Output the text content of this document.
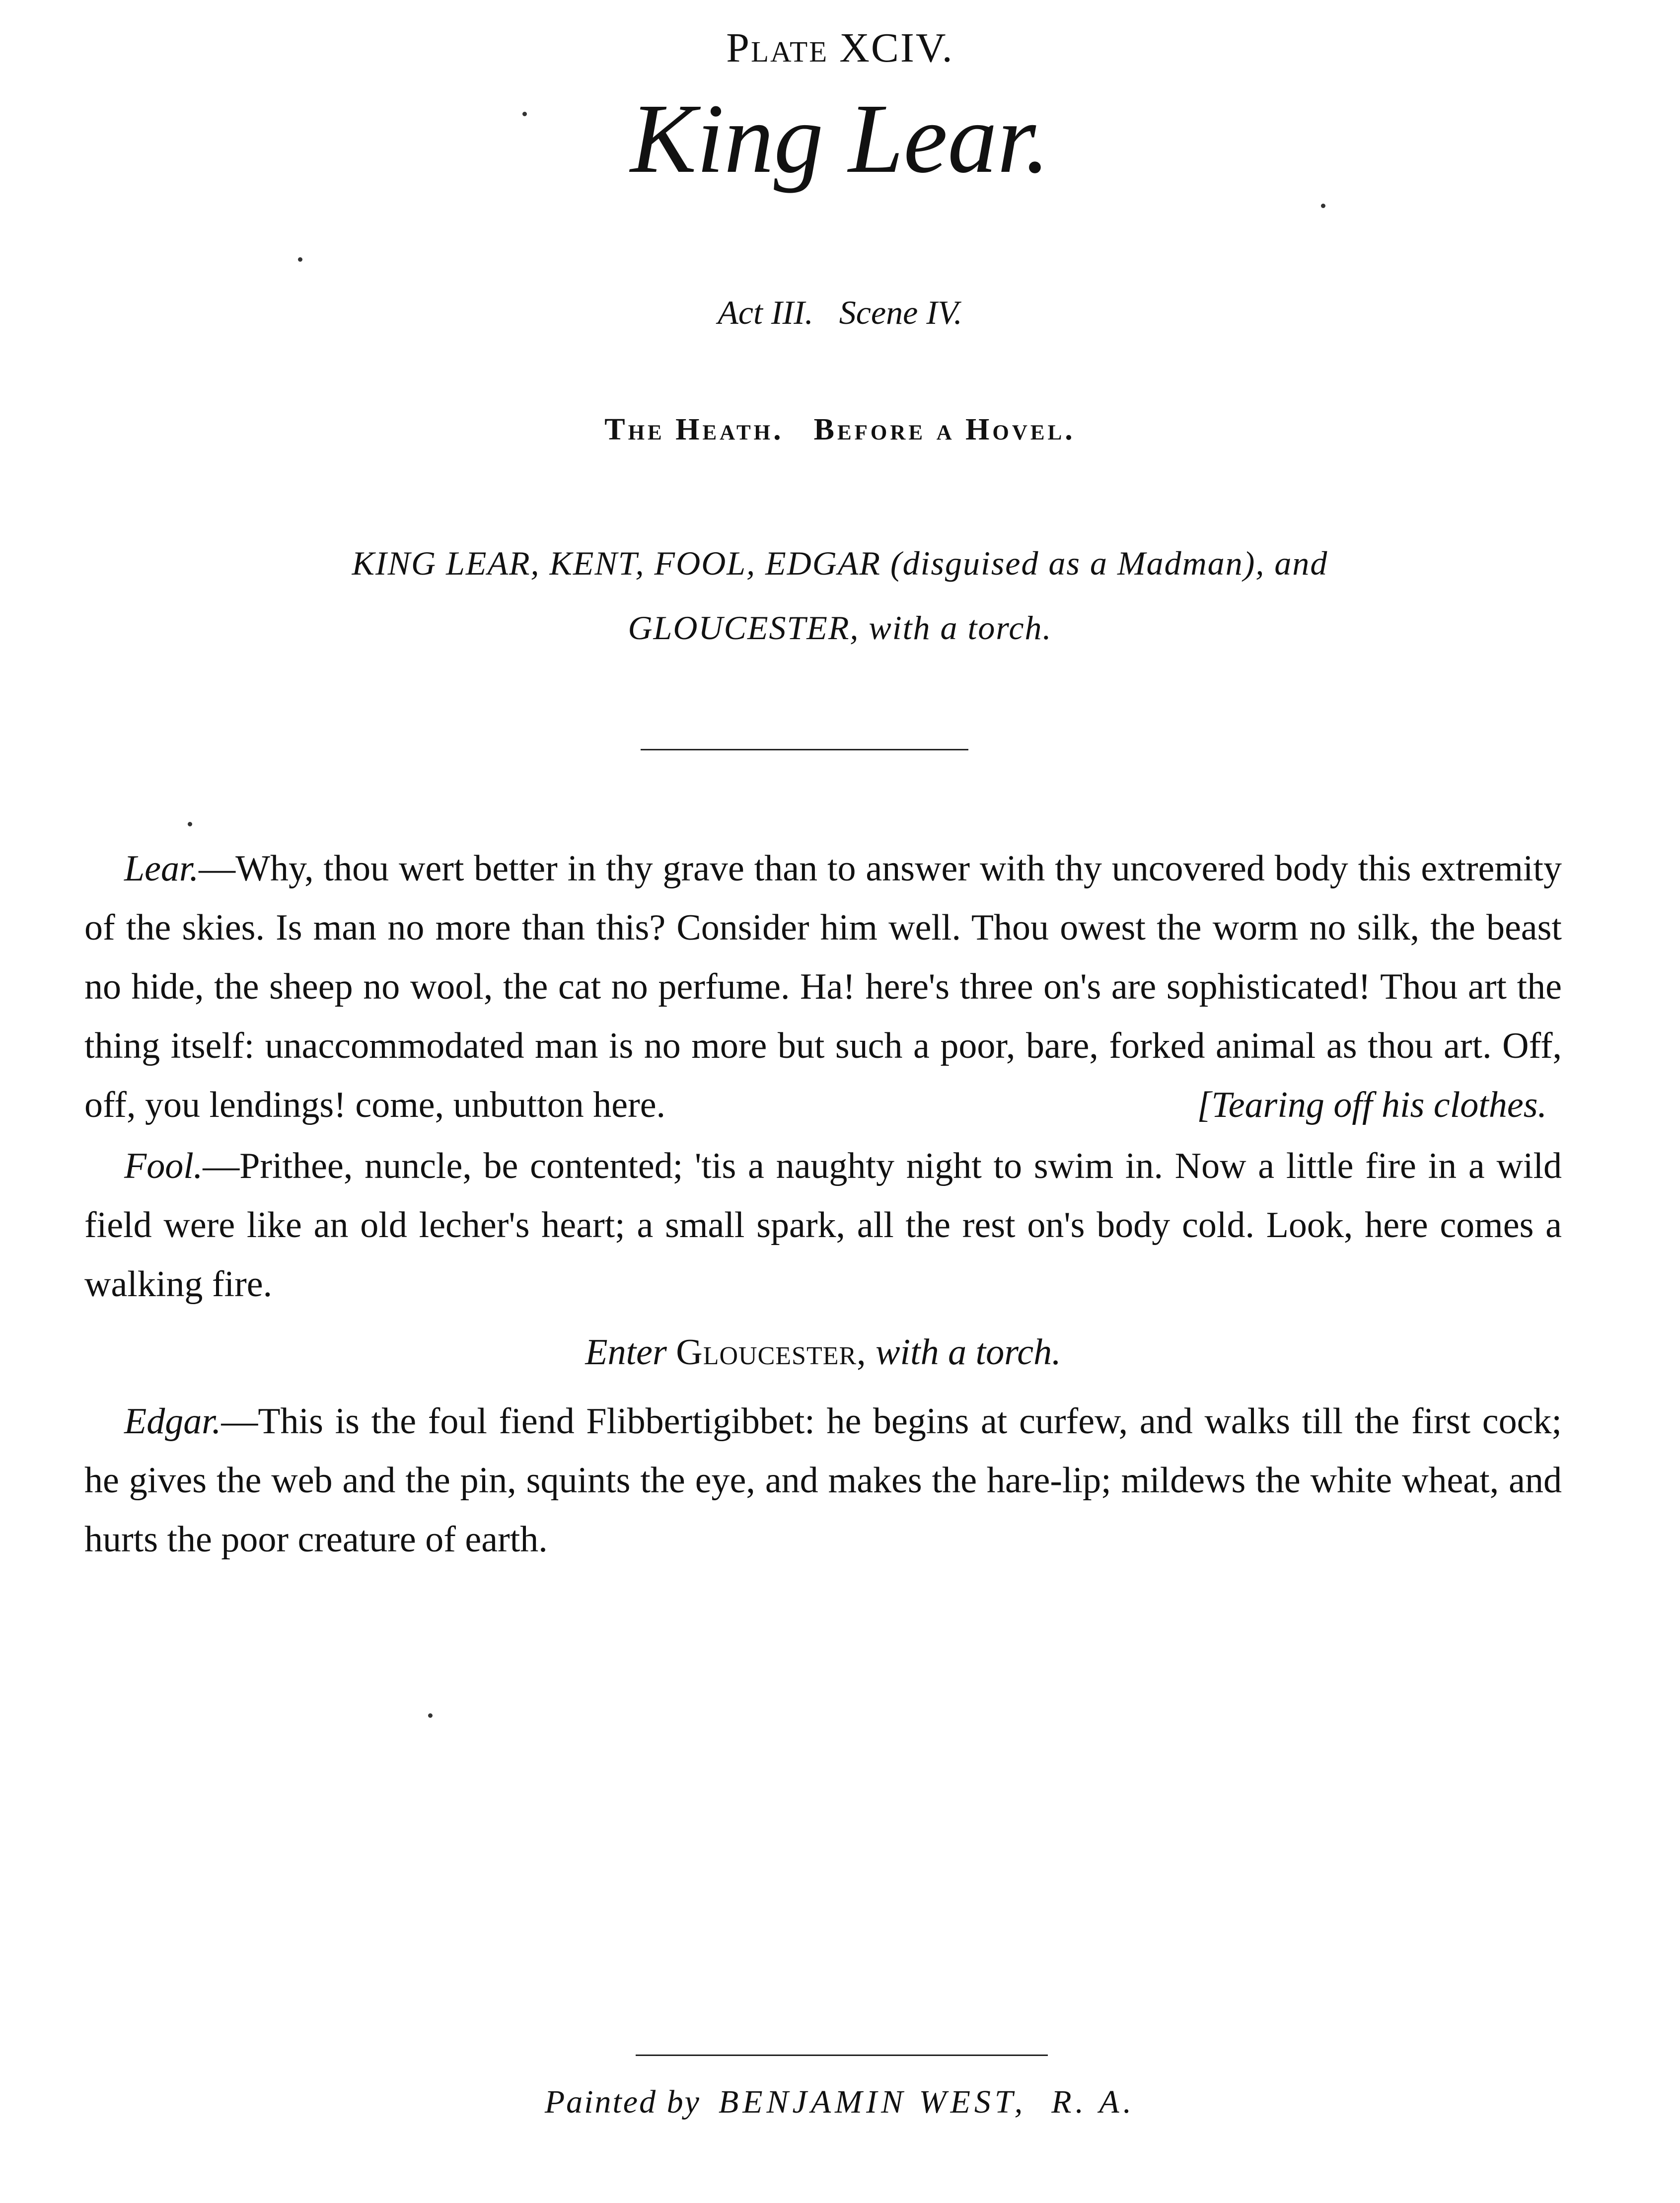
Plate XCIV.
King Lear.
Act III. Scene IV.
The Heath. Before a Hovel.
KING LEAR, KENT, FOOL, EDGAR (disguised as a Madman), and
GLOUCESTER, with a torch.

Lear.—Why, thou wert better in thy grave than to answer with thy uncovered body this extremity of the skies. Is man no more than this? Consider him well. Thou owest the worm no silk, the beast no hide, the sheep no wool, the cat no perfume. Ha! here's three on's are sophisticated! Thou art the thing itself: unaccommodated man is no more but such a poor, bare, forked animal as thou art. Off, off, you lendings! come, unbutton here.	[Tearing off his clothes.

Fool.—Prithee, nuncle, be contented; 'tis a naughty night to swim in. Now a little fire in a wild field were like an old lecher's heart; a small spark, all the rest on's body cold. Look, here comes a walking fire.

Enter Gloucester, with a torch.

Edgar.—This is the foul fiend Flibbertigibbet: he begins at curfew, and walks till the first cock; he gives the web and the pin, squints the eye, and makes the hare-lip; mildews the white wheat, and hurts the poor creature of earth.

Painted by BENJAMIN WEST, R. A.
